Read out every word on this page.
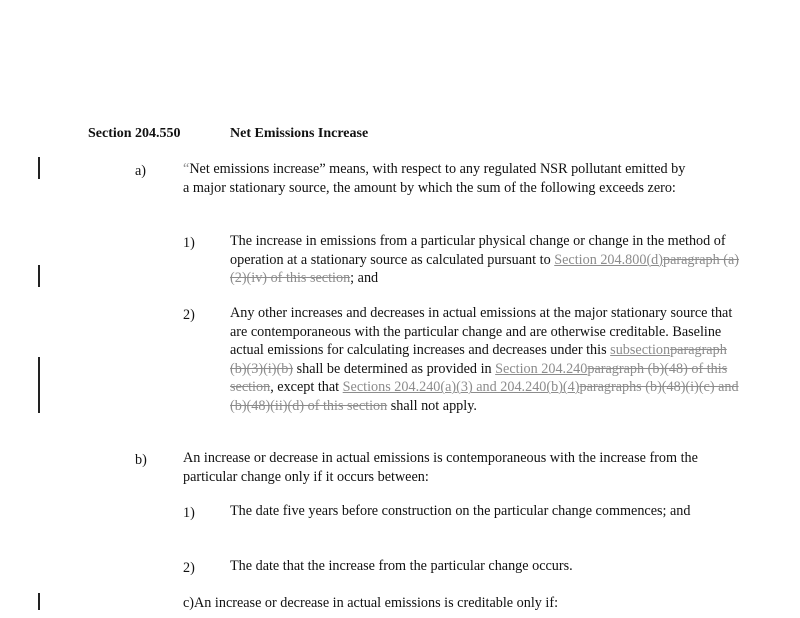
Section 204.550	Net Emissions Increase
a)	“Net emissions increase” means, with respect to any regulated NSR pollutant emitted by a major stationary source, the amount by which the sum of the following exceeds zero:
1) The increase in emissions from a particular physical change or change in the method of operation at a stationary source as calculated pursuant to Section 204.800(d)paragraph (a)(2)(iv) of this section; and
2) Any other increases and decreases in actual emissions at the major stationary source that are contemporaneous with the particular change and are otherwise creditable. Baseline actual emissions for calculating increases and decreases under this subsectionparagraph (b)(3)(i)(b) shall be determined as provided in Section 204.240paragraph (b)(48) of this section, except that Sections 204.240(a)(3) and 204.240(b)(4)paragraphs (b)(48)(i)(c) and (b)(48)(ii)(d) of this section shall not apply.
b)	An increase or decrease in actual emissions is contemporaneous with the increase from the particular change only if it occurs between:
1) The date five years before construction on the particular change commences; and
2) The date that the increase from the particular change occurs.
c)An increase or decrease in actual emissions is creditable only if:
